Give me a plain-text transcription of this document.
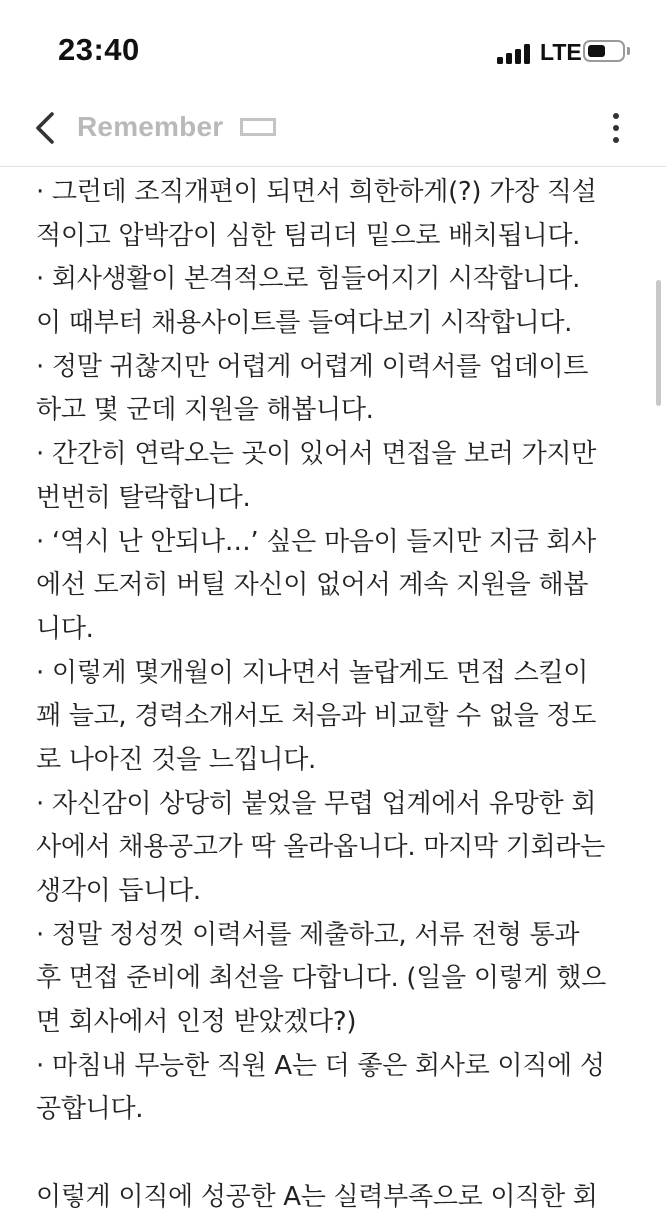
23:40	LTE
Remember
· 그런데 조직개편이 되면서 희한하게(?) 가장 직설
적이고 압박감이 심한 팀리더 밑으로 배치됩니다.
· 회사생활이 본격적으로 힘들어지기 시작합니다.
이 때부터 채용사이트를 들여다보기 시작합니다.
· 정말 귀찮지만 어렵게 어렵게 이력서를 업데이트
하고 몇 군데 지원을 해봅니다.
· 간간히 연락오는 곳이 있어서 면접을 보러 가지만
번번히 탈락합니다.
· ‘역시 난 안되나…’ 싶은 마음이 들지만 지금 회사
에선 도저히 버틸 자신이 없어서 계속 지원을 해봅
니다.
· 이렇게 몇개월이 지나면서 놀랍게도 면접 스킬이
꽤 늘고, 경력소개서도 처음과 비교할 수 없을 정도
로 나아진 것을 느낍니다.
· 자신감이 상당히 붙었을 무렵 업계에서 유망한 회
사에서 채용공고가 딱 올라옵니다. 마지막 기회라는
생각이 듭니다.
· 정말 정성껏 이력서를 제출하고, 서류 전형 통과
후 면접 준비에 최선을 다합니다. (일을 이렇게 했으
면 회사에서 인정 받았겠다?)
· 마침내 무능한 직원 A는 더 좋은 회사로 이직에 성
공합니다.
이렇게 이직에 성공한 A는 실력부족으로 이직한 회
